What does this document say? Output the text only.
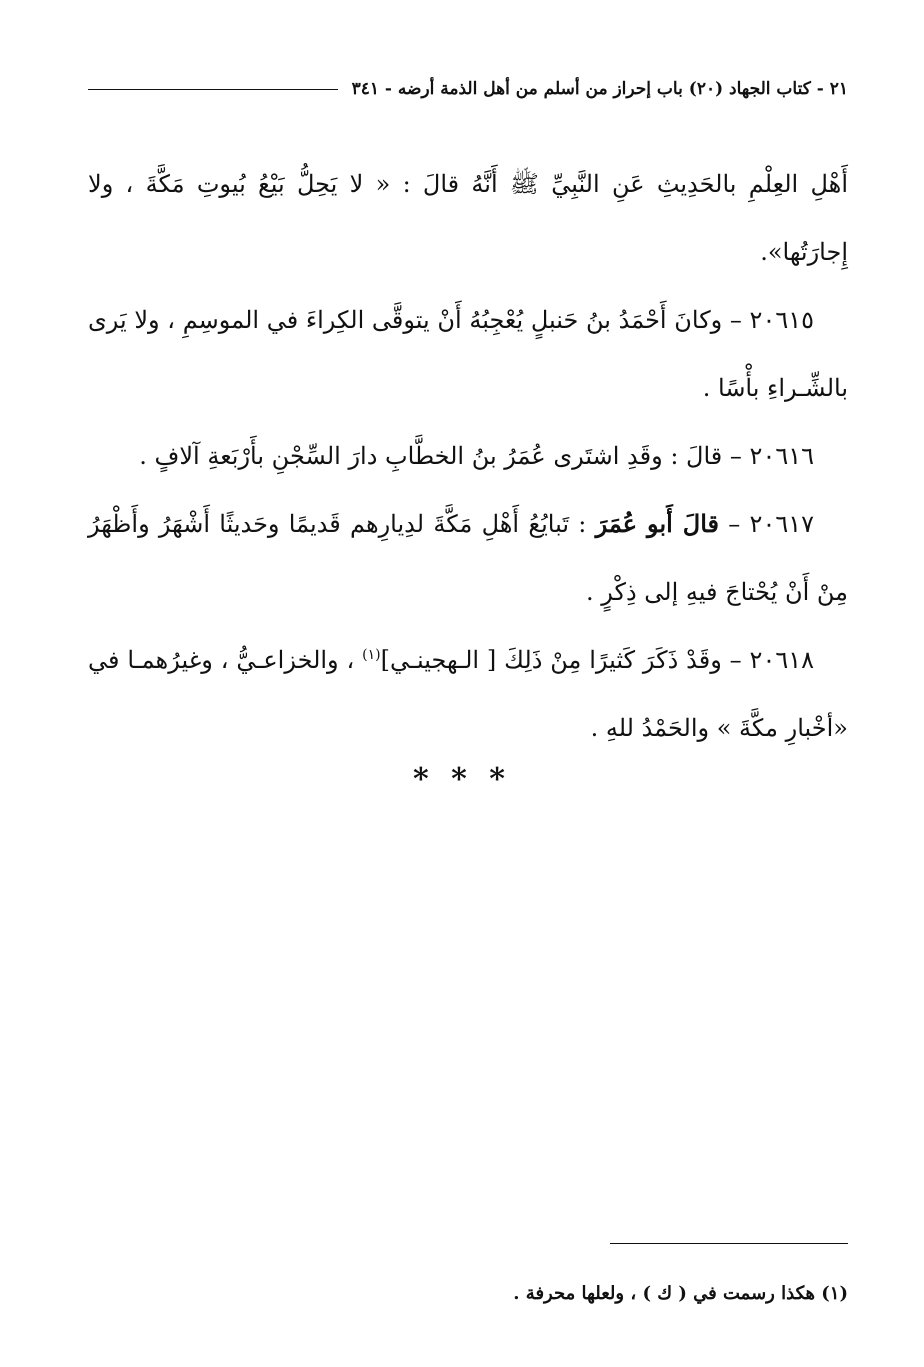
٢١ - كتاب الجهاد (٢٠) باب إحراز من أسلم من أهل الذمة أرضه - ٣٤١

أَهْلِ العِلْمِ بالحَدِيثِ عَنِ النَّبِيِّ ﷺ أَنَّهُ قالَ : « لا يَحِلُّ بَيْعُ بُيوتِ مَكَّةَ ، ولا إِجارَتُها».

٢٠٦١٥ – وكانَ أَحْمَدُ بنُ حَنبلٍ يُعْجِبُهُ أَنْ يتوقَّى الكِراءَ في الموسِمِ ، ولا يَرى بالشِّـراءِ بأْسًا .

٢٠٦١٦ – قالَ : وقَدِ اشتَرى عُمَرُ بنُ الخطَّابِ دارَ السِّجْنِ بأَرْبَعةِ آلافٍ .

٢٠٦١٧ – قالَ أَبو عُمَرَ : تَبايُعُ أَهْلِ مَكَّةَ لدِيارِهم قَديمًا وحَديثًا أَشْهَرُ وأَظْهَرُ مِنْ أَنْ يُحْتاجَ فيهِ إلى ذِكْرٍ .

٢٠٦١٨ – وقَدْ ذَكَرَ كَثيرًا مِنْ ذَلِكَ [ الـهجينـي]$^{(١)}$ ، والخزاعـيُّ ، وغيرُهمـا في «أخْبارِ مكَّةَ » والحَمْدُ للهِ .

* * *
(١) هكذا رسمت في ( ك ) ، ولعلها محرفة .
